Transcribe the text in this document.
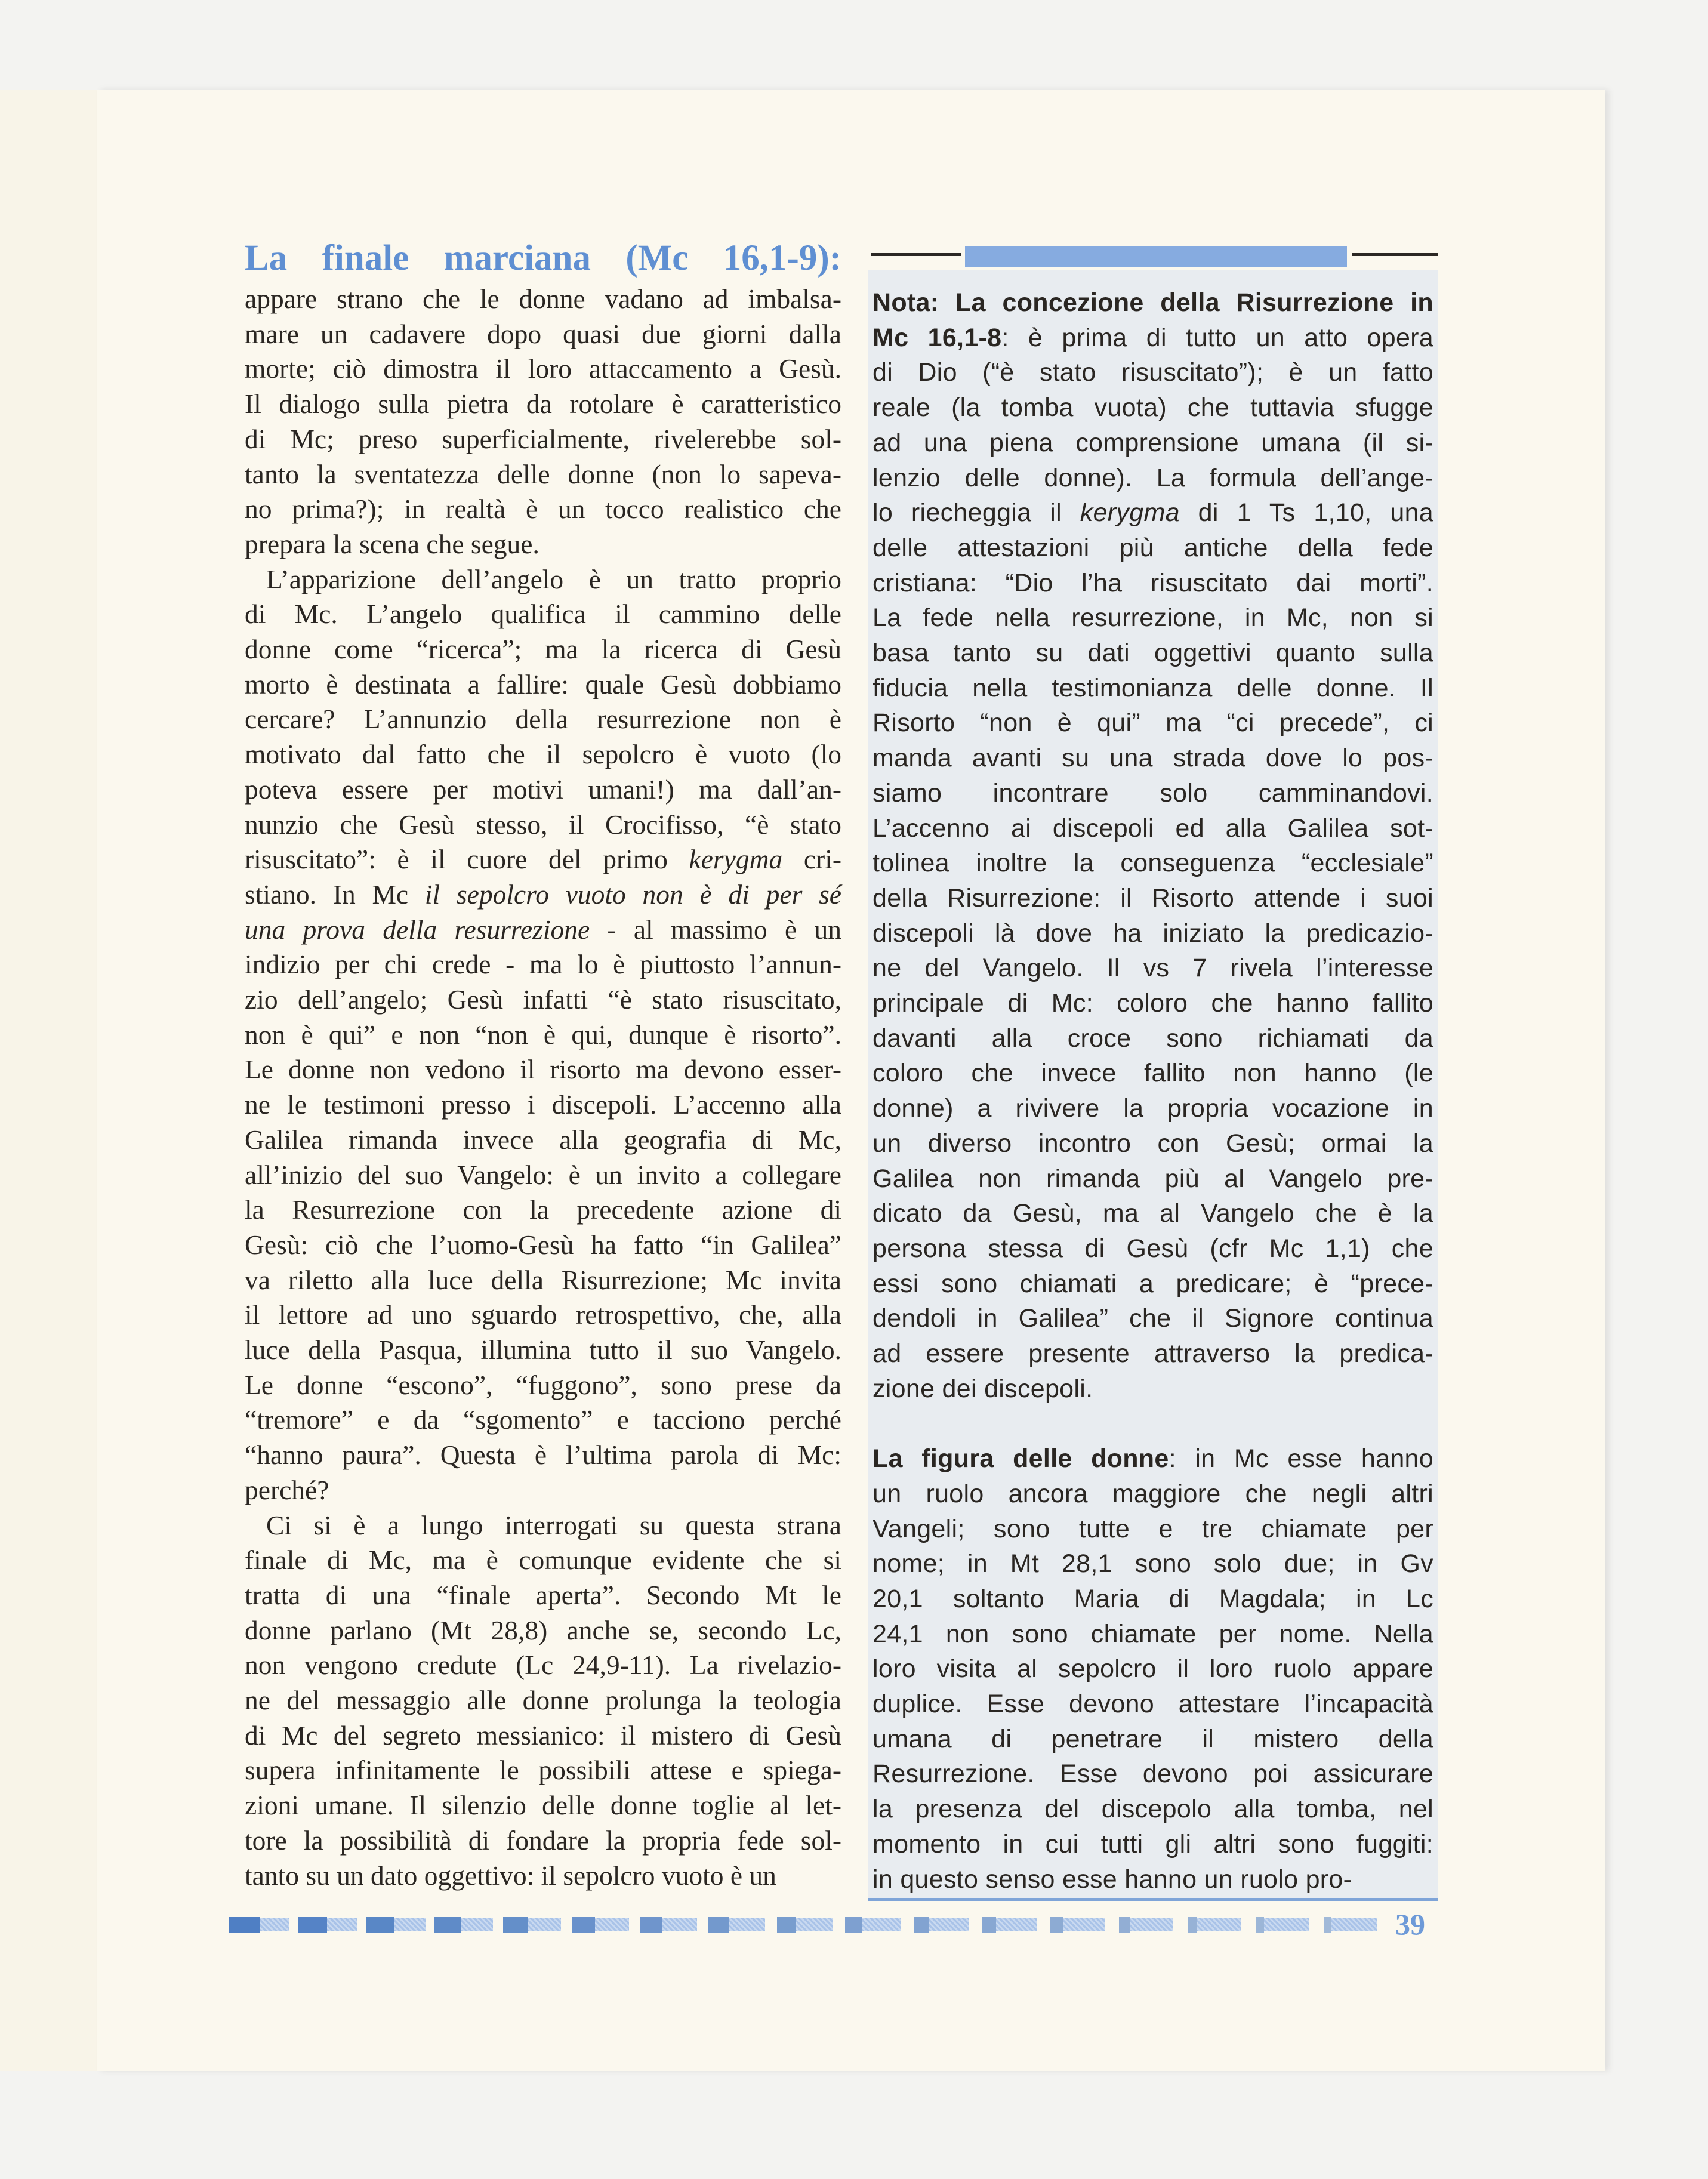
La finale marciana (Mc 16,1-9):
appare strano che le donne vadano ad imbalsa-
mare un cadavere dopo quasi due giorni dalla
morte; ciò dimostra il loro attaccamento a Gesù.
Il dialogo sulla pietra da rotolare è caratteristico
di Mc; preso superficialmente, rivelerebbe sol-
tanto la sventatezza delle donne (non lo sapeva-
no prima?); in realtà è un tocco realistico che
prepara la scena che segue.
L’apparizione dell’angelo è un tratto proprio
di Mc. L’angelo qualifica il cammino delle
donne come “ricerca”; ma la ricerca di Gesù
morto è destinata a fallire: quale Gesù dobbiamo
cercare? L’annunzio della resurrezione non è
motivato dal fatto che il sepolcro è vuoto (lo
poteva essere per motivi umani!) ma dall’an-
nunzio che Gesù stesso, il Crocifisso, “è stato
risuscitato”: è il cuore del primo kerygma cri-
stiano. In Mc il sepolcro vuoto non è di per sé
una prova della resurrezione - al massimo è un
indizio per chi crede - ma lo è piuttosto l’annun-
zio dell’angelo; Gesù infatti “è stato risuscitato,
non è qui” e non “non è qui, dunque è risorto”.
Le donne non vedono il risorto ma devono esser-
ne le testimoni presso i discepoli. L’accenno alla
Galilea rimanda invece alla geografia di Mc,
all’inizio del suo Vangelo: è un invito a collegare
la Resurrezione con la precedente azione di
Gesù: ciò che l’uomo-Gesù ha fatto “in Galilea”
va riletto alla luce della Risurrezione; Mc invita
il lettore ad uno sguardo retrospettivo, che, alla
luce della Pasqua, illumina tutto il suo Vangelo.
Le donne “escono”, “fuggono”, sono prese da
“tremore” e da “sgomento” e tacciono perché
“hanno paura”. Questa è l’ultima parola di Mc:
perché?
Ci si è a lungo interrogati su questa strana
finale di Mc, ma è comunque evidente che si
tratta di una “finale aperta”. Secondo Mt le
donne parlano (Mt 28,8) anche se, secondo Lc,
non vengono credute (Lc 24,9-11). La rivelazio-
ne del messaggio alle donne prolunga la teologia
di Mc del segreto messianico: il mistero di Gesù
supera infinitamente le possibili attese e spiega-
zioni umane. Il silenzio delle donne toglie al let-
tore la possibilità di fondare la propria fede sol-
tanto su un dato oggettivo: il sepolcro vuoto è un
Nota: La concezione della Risurrezione in
Mc 16,1-8: è prima di tutto un atto opera
di Dio (“è stato risuscitato”); è un fatto
reale (la tomba vuota) che tuttavia sfugge
ad una piena comprensione umana (il si-
lenzio delle donne). La formula dell’ange-
lo riecheggia il kerygma di 1 Ts 1,10, una
delle attestazioni più antiche della fede
cristiana: “Dio l’ha risuscitato dai morti”.
La fede nella resurrezione, in Mc, non si
basa tanto su dati oggettivi quanto sulla
fiducia nella testimonianza delle donne. Il
Risorto “non è qui” ma “ci precede”, ci
manda avanti su una strada dove lo pos-
siamo incontrare solo camminandovi.
L’accenno ai discepoli ed alla Galilea sot-
tolinea inoltre la conseguenza “ecclesiale”
della Risurrezione: il Risorto attende i suoi
discepoli là dove ha iniziato la predicazio-
ne del Vangelo. Il vs 7 rivela l’interesse
principale di Mc: coloro che hanno fallito
davanti alla croce sono richiamati da
coloro che invece fallito non hanno (le
donne) a rivivere la propria vocazione in
un diverso incontro con Gesù; ormai la
Galilea non rimanda più al Vangelo pre-
dicato da Gesù, ma al Vangelo che è la
persona stessa di Gesù (cfr Mc 1,1) che
essi sono chiamati a predicare; è “prece-
dendoli in Galilea” che il Signore continua
ad essere presente attraverso la predica-
zione dei discepoli.
La figura delle donne: in Mc esse hanno
un ruolo ancora maggiore che negli altri
Vangeli; sono tutte e tre chiamate per
nome; in Mt 28,1 sono solo due; in Gv
20,1 soltanto Maria di Magdala; in Lc
24,1 non sono chiamate per nome. Nella
loro visita al sepolcro il loro ruolo appare
duplice. Esse devono attestare l’incapacità
umana di penetrare il mistero della
Resurrezione. Esse devono poi assicurare
la presenza del discepolo alla tomba, nel
momento in cui tutti gli altri sono fuggiti:
in questo senso esse hanno un ruolo pro-
39
